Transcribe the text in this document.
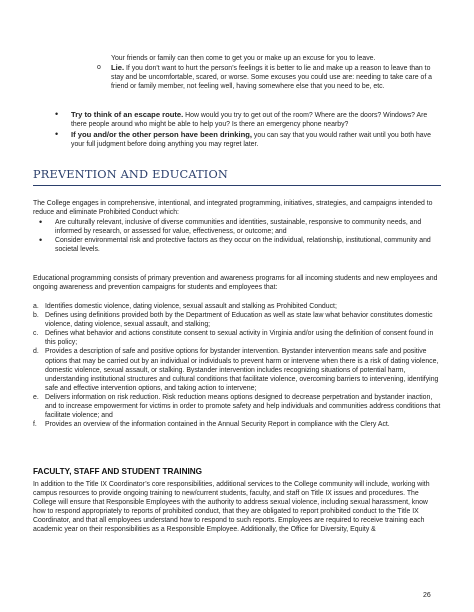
Your friends or family can then come to get you or make up an excuse for you to leave.

o	Lie. If you don’t want to hurt the person’s feelings it is better to lie and make up a reason to leave than to stay and be uncomfortable, scared, or worse. Some excuses you could use are: needing to take care of a friend or family member, not feeling well, having somewhere else that you need to be, etc.

•	Try to think of an escape route. How would you try to get out of the room? Where are the doors? Windows? Are there people around who might be able to help you? Is there an emergency phone nearby?

•	If you and/or the other person have been drinking, you can say that you would rather wait until you both have your full judgment before doing anything you may regret later.

PREVENTION AND EDUCATION

The College engages in comprehensive, intentional, and integrated programming, initiatives, strategies, and campaigns intended to reduce and eliminate Prohibited Conduct which:

•	Are culturally relevant, inclusive of diverse communities and identities, sustainable, responsive to community needs, and informed by research, or assessed for value, effectiveness, or outcome; and

•	Consider environmental risk and protective factors as they occur on the individual, relationship, institutional, community and societal levels.

Educational programming consists of primary prevention and awareness programs for all incoming students and new employees and ongoing awareness and prevention campaigns for students and employees that:

a. Identifies domestic violence, dating violence, sexual assault and stalking as Prohibited Conduct;

b. Defines using definitions provided both by the Department of Education as well as state law what behavior constitutes domestic violence, dating violence, sexual assault, and stalking;

c. Defines what behavior and actions constitute consent to sexual activity in Virginia and/or using the definition of consent found in this policy;

d. Provides a description of safe and positive options for bystander intervention. Bystander intervention means safe and positive options that may be carried out by an individual or individuals to prevent harm or intervene when there is a risk of dating violence, domestic violence, sexual assault, or stalking. Bystander intervention includes recognizing situations of potential harm, understanding institutional structures and cultural conditions that facilitate violence, overcoming barriers to intervening, identifying safe and effective intervention options, and taking action to intervene;

e. Delivers information on risk reduction. Risk reduction means options designed to decrease perpetration and bystander inaction, and to increase empowerment for victims in order to promote safety and help individuals and communities address conditions that facilitate violence; and

f.	Provides an overview of the information contained in the Annual Security Report in compliance with the Clery Act.

FACULTY, STAFF AND STUDENT TRAINING

In addition to the Title IX Coordinator’s core responsibilities, additional services to the College community will include, working with campus resources to provide ongoing training to new/current students, faculty, and staff on Title IX issues and procedures. The College will ensure that Responsible Employees with the authority to address sexual violence, including sexual harassment, know how to respond appropriately to reports of prohibited conduct, that they are obligated to report prohibited conduct to the Title IX Coordinator, and that all employees understand how to respond to such reports. Employees are required to receive training each academic year on their responsibilities as a Responsible Employee. Additionally, the Office for Diversity, Equity &

26
